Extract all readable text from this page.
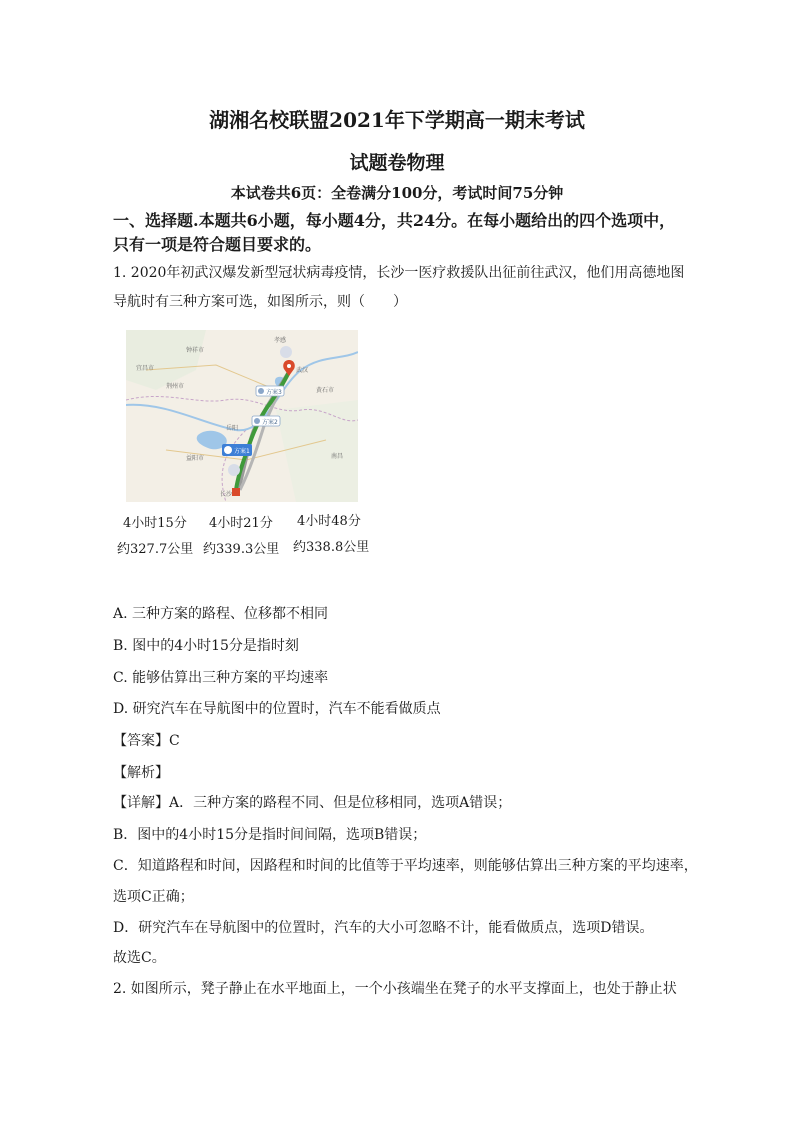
湖湘名校联盟2021年下学期高一期末考试
试题卷物理
本试卷共6页：全卷满分100分，考试时间75分钟
一、选择题.本题共6小题，每小题4分，共24分。在每小题给出的四个选项中，
只有一项是符合题目要求的。
1. 2020年初武汉爆发新型冠状病毒疫情，长沙一医疗救援队出征前往武汉，他们用高德地图
导航时有三种方案可选，如图所示，则（　　）
方案3
方案2
方案1
钟祥市
孝感
武汉
宜昌市
荆州市
黄石市
岳阳
南昌
益阳市
长沙
4小时15分 4小时21分 4小时48分
约327.7公里 约339.3公里 约338.8公里
A. 三种方案的路程、位移都不相同
B. 图中的4小时15分是指时刻
C. 能够估算出三种方案的平均速率
D. 研究汽车在导航图中的位置时，汽车不能看做质点
【答案】C
【解析】
【详解】A．三种方案的路程不同、但是位移相同，选项A错误；
B．图中的4小时15分是指时间间隔，选项B错误；
C．知道路程和时间，因路程和时间的比值等于平均速率，则能够估算出三种方案的平均速率，
选项C正确；
D．研究汽车在导航图中的位置时，汽车的大小可忽略不计，能看做质点，选项D错误。
故选C。
2. 如图所示，凳子静止在水平地面上，一个小孩端坐在凳子的水平支撑面上，也处于静止状
